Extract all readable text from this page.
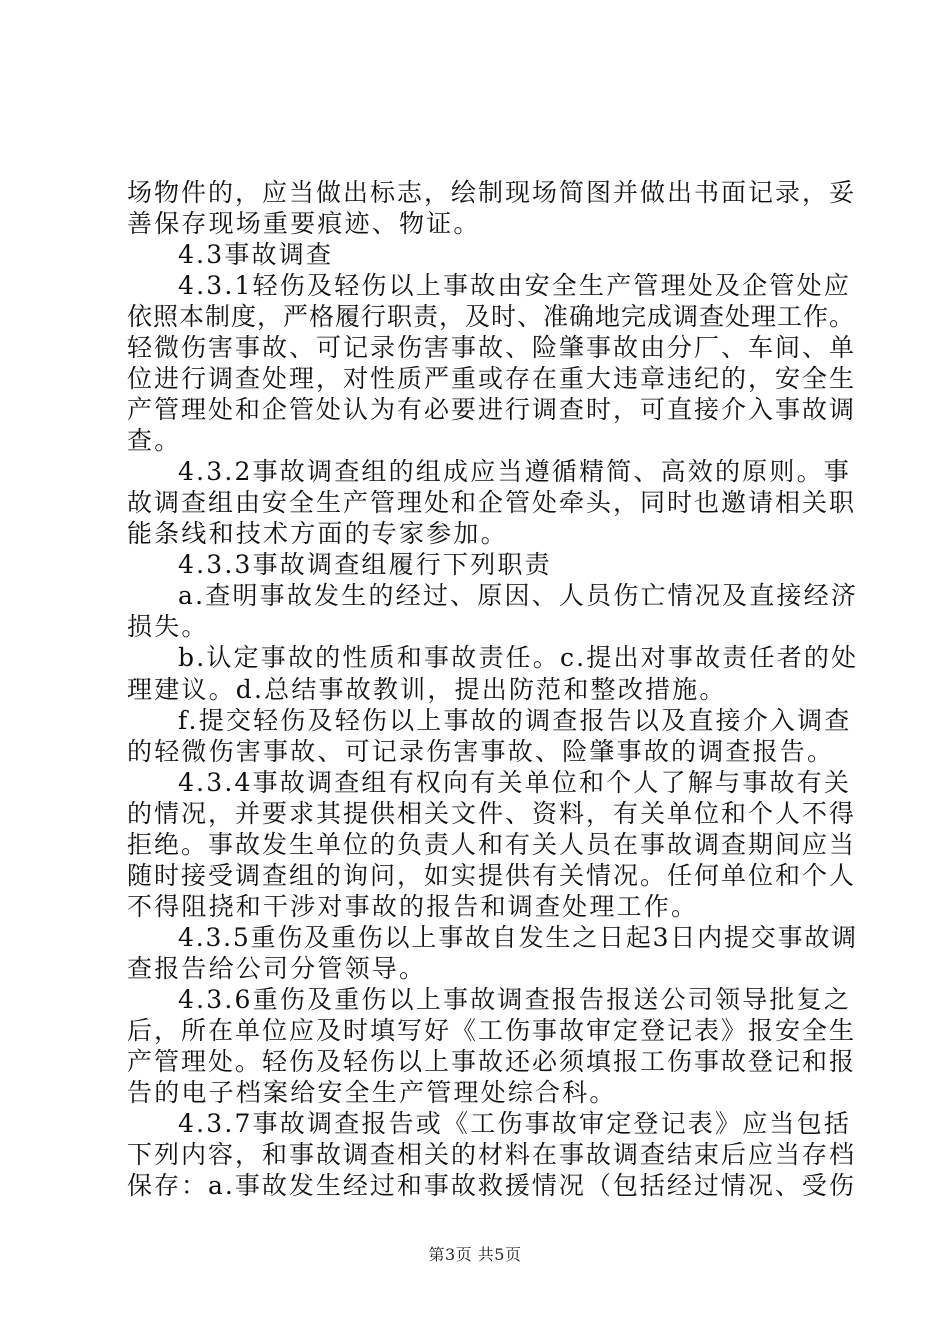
场物件的，应当做出标志，绘制现场简图并做出书面记录，妥
善保存现场重要痕迹、物证。
4.3事故调查
4.3.1轻伤及轻伤以上事故由安全生产管理处及企管处应
依照本制度，严格履行职责，及时、准确地完成调查处理工作。
轻微伤害事故、可记录伤害事故、险肇事故由分厂、车间、单
位进行调查处理，对性质严重或存在重大违章违纪的，安全生
产管理处和企管处认为有必要进行调查时，可直接介入事故调
查。
4.3.2事故调查组的组成应当遵循精简、高效的原则。事
故调查组由安全生产管理处和企管处牵头，同时也邀请相关职
能条线和技术方面的专家参加。
4.3.3事故调查组履行下列职责
a.查明事故发生的经过、原因、人员伤亡情况及直接经济
损失。
b.认定事故的性质和事故责任。c.提出对事故责任者的处
理建议。d.总结事故教训，提出防范和整改措施。
f.提交轻伤及轻伤以上事故的调查报告以及直接介入调查
的轻微伤害事故、可记录伤害事故、险肇事故的调查报告。
4.3.4事故调查组有权向有关单位和个人了解与事故有关
的情况，并要求其提供相关文件、资料，有关单位和个人不得
拒绝。事故发生单位的负责人和有关人员在事故调查期间应当
随时接受调查组的询问，如实提供有关情况。任何单位和个人
不得阻挠和干涉对事故的报告和调查处理工作。
4.3.5重伤及重伤以上事故自发生之日起3日内提交事故调
查报告给公司分管领导。
4.3.6重伤及重伤以上事故调查报告报送公司领导批复之
后，所在单位应及时填写好《工伤事故审定登记表》报安全生
产管理处。轻伤及轻伤以上事故还必须填报工伤事故登记和报
告的电子档案给安全生产管理处综合科。
4.3.7事故调查报告或《工伤事故审定登记表》应当包括
下列内容，和事故调查相关的材料在事故调查结束后应当存档
保存：a.事故发生经过和事故救援情况（包括经过情况、受伤
第3页 共5页
